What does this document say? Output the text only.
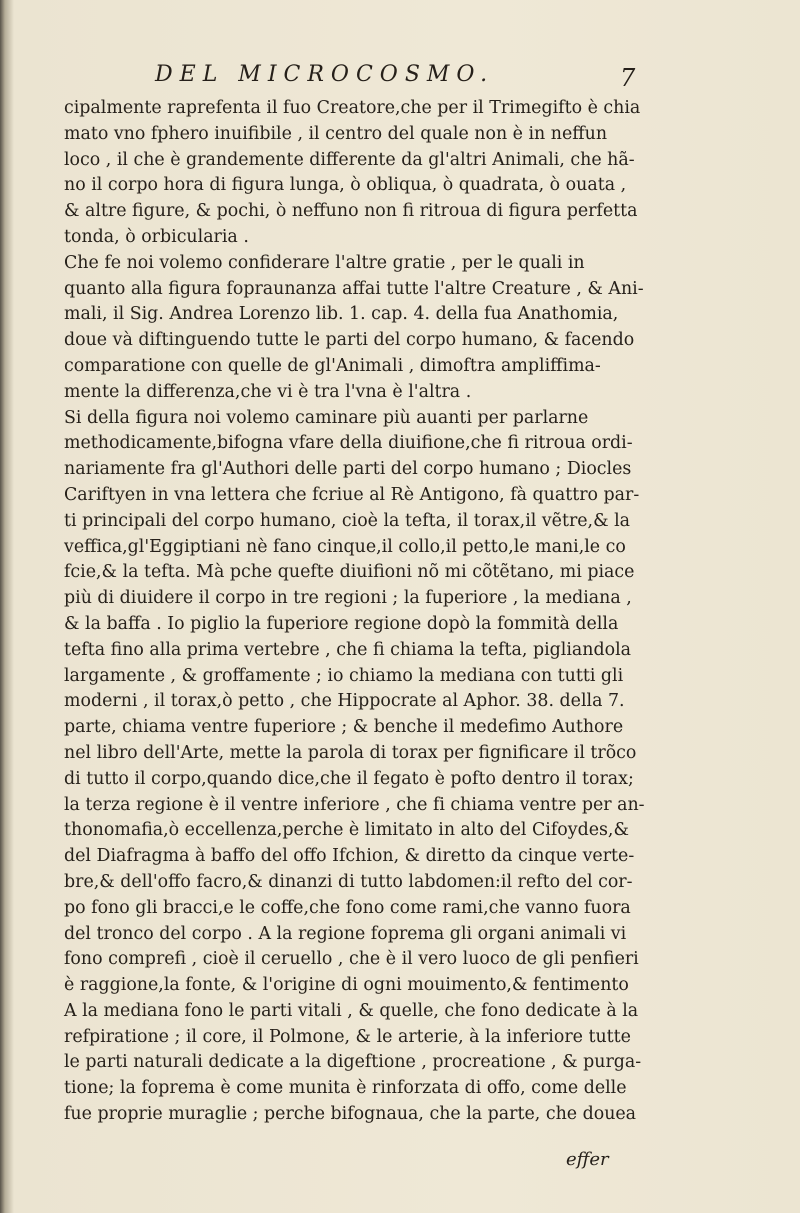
DEL MICROCOSMO.	7
cipalmente raprefenta il fuo Creatore,che per il Trimegifto è chia
mato vno fphero inuifibile , il centro del quale non è in neffun
loco , il che è grandemente differente da gl'altri Animali, che hã-
no il corpo hora di figura lunga, ò obliqua, ò quadrata, ò ouata ,
& altre figure, & pochi, ò neffuno non fi ritroua di figura perfetta
tonda, ò orbicularia .
Che fe noi volemo confiderare l'altre gratie , per le quali in
quanto alla figura fopraunanza affai tutte l'altre Creature , & Ani-
mali, il Sig. Andrea Lorenzo lib. 1. cap. 4. della fua Anathomia,
doue và diftinguendo tutte le parti del corpo humano, & facendo
comparatione con quelle de gl'Animali , dimoftra ampliffima-
mente la differenza,che vi è tra l'vna è l'altra .
Si della figura noi volemo caminare più auanti per parlarne
methodicamente,bifogna vfare della diuifione,che fi ritroua ordi-
nariamente fra gl'Authori delle parti del corpo humano ; Diocles
Cariftyen in vna lettera che fcriue al Rè Antigono, fà quattro par-
ti principali del corpo humano, cioè la tefta, il torax,il vẽtre,& la
veffica,gl'Eggiptiani nè fano cinque,il collo,il petto,le mani,le co
fcie,& la tefta. Mà pche quefte diuifioni nõ mi cõtẽtano, mi piace
più di diuidere il corpo in tre regioni ; la fuperiore , la mediana ,
& la baffa . Io piglio la fuperiore regione dopò la fommità della
tefta fino alla prima vertebre , che fi chiama la tefta, pigliandola
largamente , & groffamente ; io chiamo la mediana con tutti gli
moderni , il torax,ò petto , che Hippocrate al Aphor. 38. della 7.
parte, chiama ventre fuperiore ; & benche il medefimo Authore
nel libro dell'Arte, mette la parola di torax per fignificare il trõco
di tutto il corpo,quando dice,che il fegato è pofto dentro il torax;
la terza regione è il ventre inferiore , che fi chiama ventre per an-
thonomafia,ò eccellenza,perche è limitato in alto del Cifoydes,&
del Diafragma à baffo del offo Ifchion, & diretto da cinque verte-
bre,& dell'offo facro,& dinanzi di tutto labdomen:il refto del cor-
po fono gli bracci,e le coffe,che fono come rami,che vanno fuora
del tronco del corpo . A la regione foprema gli organi animali vi
fono comprefi , cioè il ceruello , che è il vero luoco de gli penfieri
è raggione,la fonte, & l'origine di ogni mouimento,& fentimento
A la mediana fono le parti vitali , & quelle, che fono dedicate à la
refpiratione ; il core, il Polmone, & le arterie, à la inferiore tutte
le parti naturali dedicate a la digeftione , procreatione , & purga-
tione; la foprema è come munita è rinforzata di offo, come delle
fue proprie muraglie ; perche bifognaua, che la parte, che douea
effer
